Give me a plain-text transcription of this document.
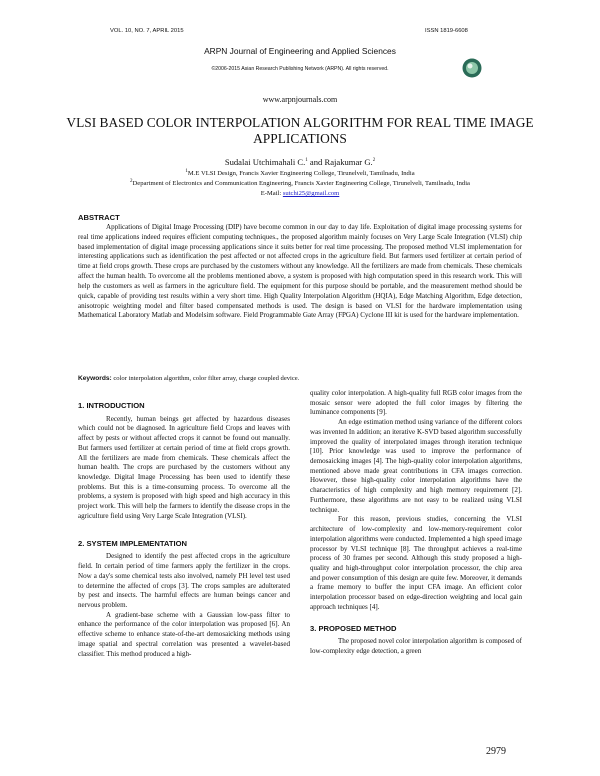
VOL. 10, NO. 7, APRIL 2015	ISSN 1819-6608
ARPN Journal of Engineering and Applied Sciences
©2006-2015 Asian Research Publishing Network (ARPN). All rights reserved.
www.arpnjournals.com
VLSI BASED COLOR INTERPOLATION ALGORITHM FOR REAL TIME IMAGE APPLICATIONS
Sudalai Utchimahali C.$^1$ and Rajakumar G.$^2$
$^1$M.E VLSI Design, Francis Xavier Engineering College, Tirunelveli, Tamilnadu, India
$^2$Department of Electronics and Communication Engineering, Francis Xavier Engineering College, Tirunelveli, Tamilnadu, India
E-Mail: sutchi25@gmail.com
ABSTRACT
Applications of Digital Image Processing (DIP) have become common in our day to day life. Exploitation of digital image processing systems for real time applications indeed requires efficient computing techniques., the proposed algorithm mainly focuses on Very Large Scale Integration (VLSI) chip based implementation of digital image processing applications since it suits better for real time processing. The proposed method VLSI implementation for interesting applications such as identification the pest affected or not affected crops in the agriculture field. But farmers used fertilizer at certain period of time at field crops growth. These crops are purchased by the customers without any knowledge. All the fertilizers are made from chemicals. These chemicals affect the human health. To overcome all the problems mentioned above, a system is proposed with high computation speed in this research work. This will help the customers as well as farmers in the agriculture field. The equipment for this purpose should be portable, and the measurement method should be quick, capable of providing test results within a very short time. High Quality Interpolation Algorithm (HQIA), Edge Matching Algorithm, Edge detection, anisotropic weighting model and filter based compensated methods is used. The design is based on VLSI for the hardware implementation using Mathematical Laboratory Matlab and Modelsim software. Field Programmable Gate Array (FPGA) Cyclone III kit is used for the hardware implementation.
Keywords: color interpolation algorithm, color filter array, charge coupled device.

1. INTRODUCTION

Recently, human beings get affected by hazardous diseases which could not be diagnosed. In agriculture field Crops and leaves with affect by pests or without affected crops it cannot be found out manually. But farmers used fertilizer at certain period of time at field crops growth. All the fertilizers are made from chemicals. These chemicals affect the human health. The crops are purchased by the customers without any knowledge. Digital Image Processing has been used to identify these problems. But this is a time-consuming process. To overcome all the problems, a system is proposed with high speed and high accuracy in this project work. This will help the farmers to identify the disease crops in the agriculture field using Very Large Scale Integration (VLSI).

2. SYSTEM IMPLEMENTATION

Designed to identify the pest affected crops in the agriculture field. In certain period of time farmers apply the fertilizer in the crops. Now a day's some chemical tests also involved, namely PH level test used to determine the affected of crops [3]. The crops samples are adulterated by pest and insects. The harmful effects are human beings cancer and nervous problem.

A gradient-base scheme with a Gaussian low-pass filter to enhance the performance of the color interpolation was proposed [6]. An effective scheme to enhance state-of-the-art demosaicking methods using image spatial and spectral correlation was presented a wavelet-based classifier. This method produced a high-

quality color interpolation. A high-quality full RGB color images from the mosaic sensor were adopted the full color images by filtering the luminance components [9].

An edge estimation method using variance of the different colors was invented In addition; an iterative K-SVD based algorithm successfully improved the quality of interpolated images through iteration technique [10]. Prior knowledge was used to improve the performance of demosaicking images [4]. The high-quality color interpolation algorithms, mentioned above made great contributions in CFA images correction. However, these high-quality color interpolation algorithms have the characteristics of high complexity and high memory requirement [2]. Furthermore, these algorithms are not easy to be realized using VLSI technique.

For this reason, previous studies, concerning the VLSI architecture of low-complexity and low-memory-requirement color interpolation algorithms were conducted. Implemented a high speed image processor by VLSI technique [8]. The throughput achieves a real-time process of 30 frames per second. Although this study proposed a high-quality and high-throughput color interpolation processor, the chip area and power consumption of this design are quite few. Moreover, it demands a frame memory to buffer the input CFA image. An efficient color interpolation processor based on edge-direction weighting and local gain approach techniques [4].

3. PROPOSED METHOD

The proposed novel color interpolation algorithm is composed of low-complexity edge detection, a green

2979
